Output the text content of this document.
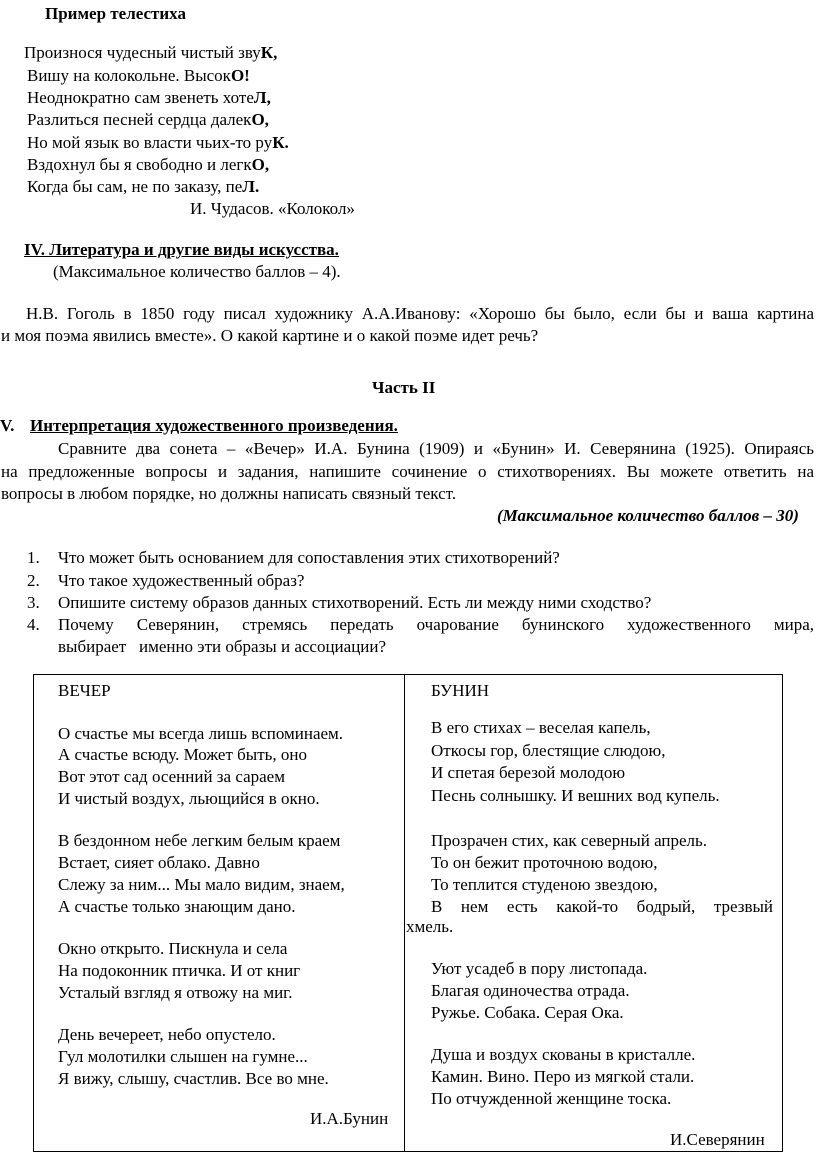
Пример телестиха
Произнося чудесный чистый звуК,
Вишу на колокольне. ВысокО!
Неоднократно сам звенеть хотеЛ,
Разлиться песней сердца далекО,
Но мой язык во власти чьих-то руК.
Вздохнул бы я свободно и легкО,
Когда бы сам, не по заказу, пеЛ.
И. Чудасов. «Колокол»
IV. Литература и другие виды искусства.
(Максимальное количество баллов – 4).
Н.В. Гоголь в 1850 году писал художнику А.А.Иванову: «Хорошо бы было, если бы и ваша картина
и моя поэма явились вместе». О какой картине и о какой поэме идет речь?
Часть II
V. Интерпретация художественного произведения.
Сравните два сонета – «Вечер» И.А. Бунина (1909) и «Бунин» И. Северянина (1925). Опираясь
на предложенные вопросы и задания, напишите сочинение о стихотворениях. Вы можете ответить на
вопросы в любом порядке, но должны написать связный текст.
(Максимальное количество баллов – 30)
1. Что может быть основанием для сопоставления этих стихотворений?
2. Что такое художественный образ?
3. Опишите систему образов данных стихотворений. Есть ли между ними сходство?
4. Почему Северянин, стремясь передать очарование бунинского художественного мира,
выбирает   именно эти образы и ассоциации?
ВЕЧЕР
О счастье мы всегда лишь вспоминаем.
А счастье всюду. Может быть, оно
Вот этот сад осенний за сараем
И чистый воздух, льющийся в окно.
В бездонном небе легким белым краем
Встает, сияет облако. Давно
Слежу за ним... Мы мало видим, знаем,
А счастье только знающим дано.
Окно открыто. Пискнула и села
На подоконник птичка. И от книг
Усталый взгляд я отвожу на миг.
День вечереет, небо опустело.
Гул молотилки слышен на гумне...
Я вижу, слышу, счастлив. Все во мне.
И.А.Бунин
БУНИН
В его стихах – веселая капель,
Откосы гор, блестящие слюдою,
И спетая березой молодою
Песнь солнышку. И вешних вод купель.
Прозрачен стих, как северный апрель.
То он бежит проточною водою,
То теплится студеною звездою,
В нем есть какой-то бодрый, трезвый
хмель.
Уют усадеб в пору листопада.
Благая одиночества отрада.
Ружье. Собака. Серая Ока.
Душа и воздух скованы в кристалле.
Камин. Вино. Перо из мягкой стали.
По отчужденной женщине тоска.
И.Северянин
